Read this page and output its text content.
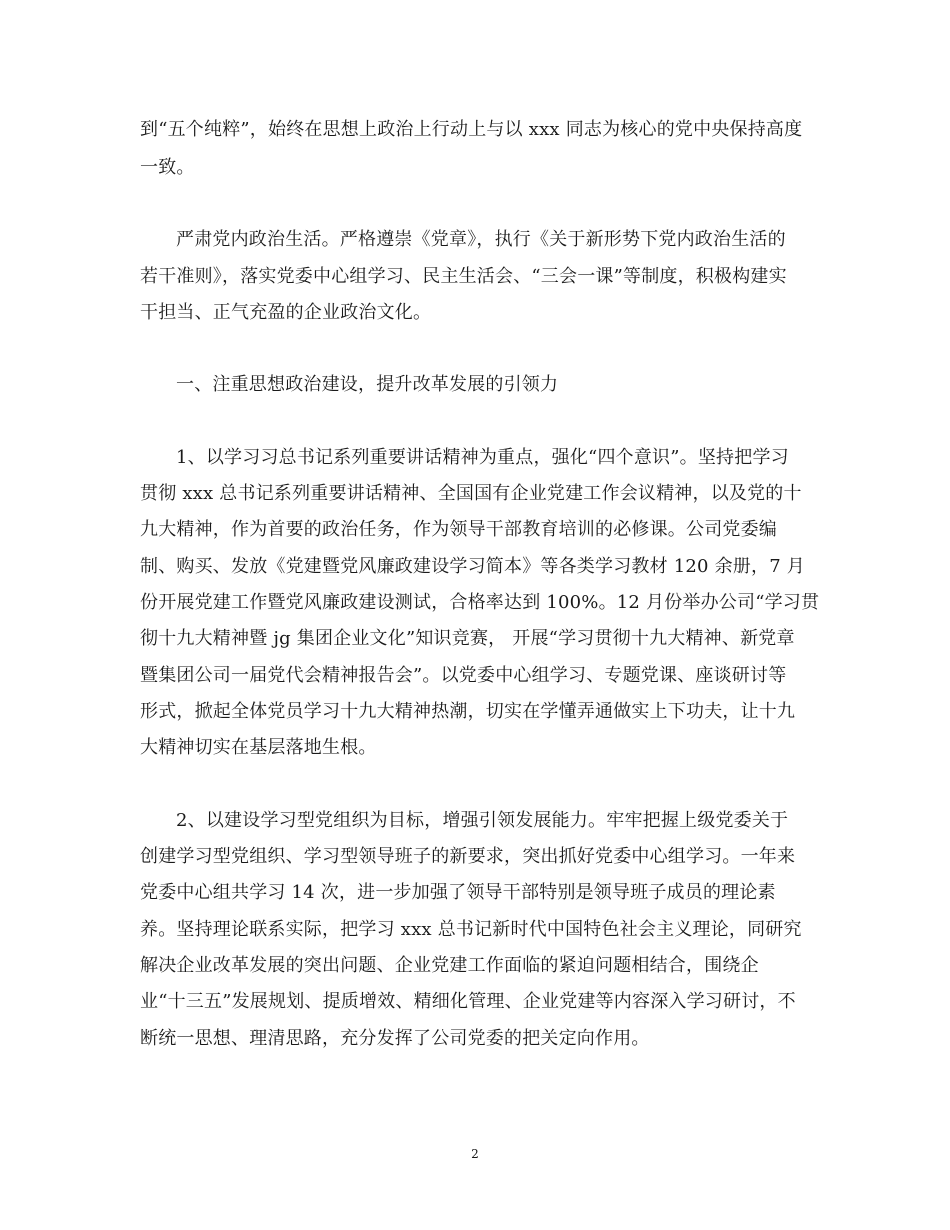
到“五个纯粹”，始终在思想上政治上行动上与以 xxx 同志为核心的党中央保持高度
一致。
严肃党内政治生活。严格遵崇《党章》，执行《关于新形势下党内政治生活的
若干准则》，落实党委中心组学习、民主生活会、“三会一课”等制度，积极构建实
干担当、正气充盈的企业政治文化。
一、注重思想政治建设，提升改革发展的引领力
1、以学习习总书记系列重要讲话精神为重点，强化“四个意识”。坚持把学习
贯彻 xxx 总书记系列重要讲话精神、全国国有企业党建工作会议精神，以及党的十
九大精神，作为首要的政治任务，作为领导干部教育培训的必修课。公司党委编
制、购买、发放《党建暨党风廉政建设学习简本》等各类学习教材 120 余册，7 月
份开展党建工作暨党风廉政建设测试，合格率达到 100%。12 月份举办公司“学习贯
彻十九大精神暨 jg 集团企业文化”知识竞赛， 开展“学习贯彻十九大精神、新党章
暨集团公司一届党代会精神报告会”。以党委中心组学习、专题党课、座谈研讨等
形式，掀起全体党员学习十九大精神热潮，切实在学懂弄通做实上下功夫，让十九
大精神切实在基层落地生根。
2、以建设学习型党组织为目标，增强引领发展能力。牢牢把握上级党委关于
创建学习型党组织、学习型领导班子的新要求，突出抓好党委中心组学习。一年来
党委中心组共学习 14 次，进一步加强了领导干部特别是领导班子成员的理论素
养。坚持理论联系实际，把学习 xxx 总书记新时代中国特色社会主义理论，同研究
解决企业改革发展的突出问题、企业党建工作面临的紧迫问题相结合，围绕企
业“十三五”发展规划、提质增效、精细化管理、企业党建等内容深入学习研讨，不
断统一思想、理清思路，充分发挥了公司党委的把关定向作用。
2
